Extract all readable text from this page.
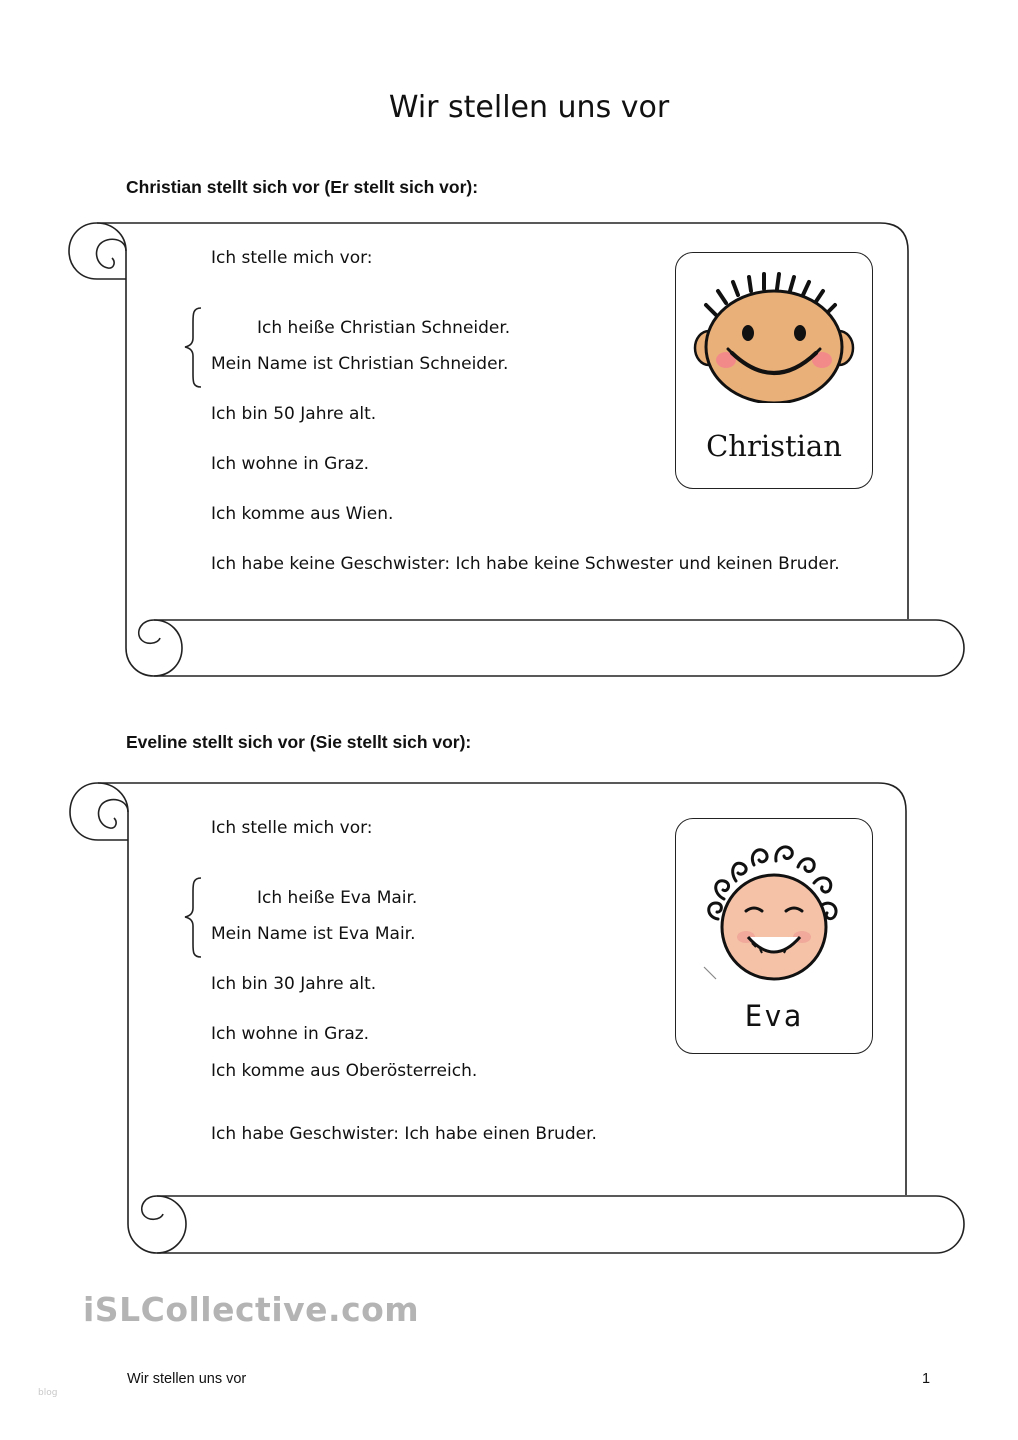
Wir stellen uns vor
Christian stellt sich vor (Er stellt sich vor):
Ich stelle mich vor:
Ich heiße Christian Schneider.
Mein Name ist Christian Schneider.
Ich bin 50 Jahre alt.
Ich wohne in Graz.
Ich komme aus Wien.
Ich habe keine Geschwister: Ich habe keine Schwester und keinen Bruder.
Christian
Eveline stellt sich vor (Sie stellt sich vor):
Ich stelle mich vor:
Ich heiße Eva Mair.
Mein Name ist Eva Mair.
Ich bin 30 Jahre alt.
Ich wohne in Graz.
Ich komme aus Oberösterreich.
Ich habe Geschwister: Ich habe einen Bruder.
Eva
iSLCollective.com
Wir stellen uns vor	1
blog
